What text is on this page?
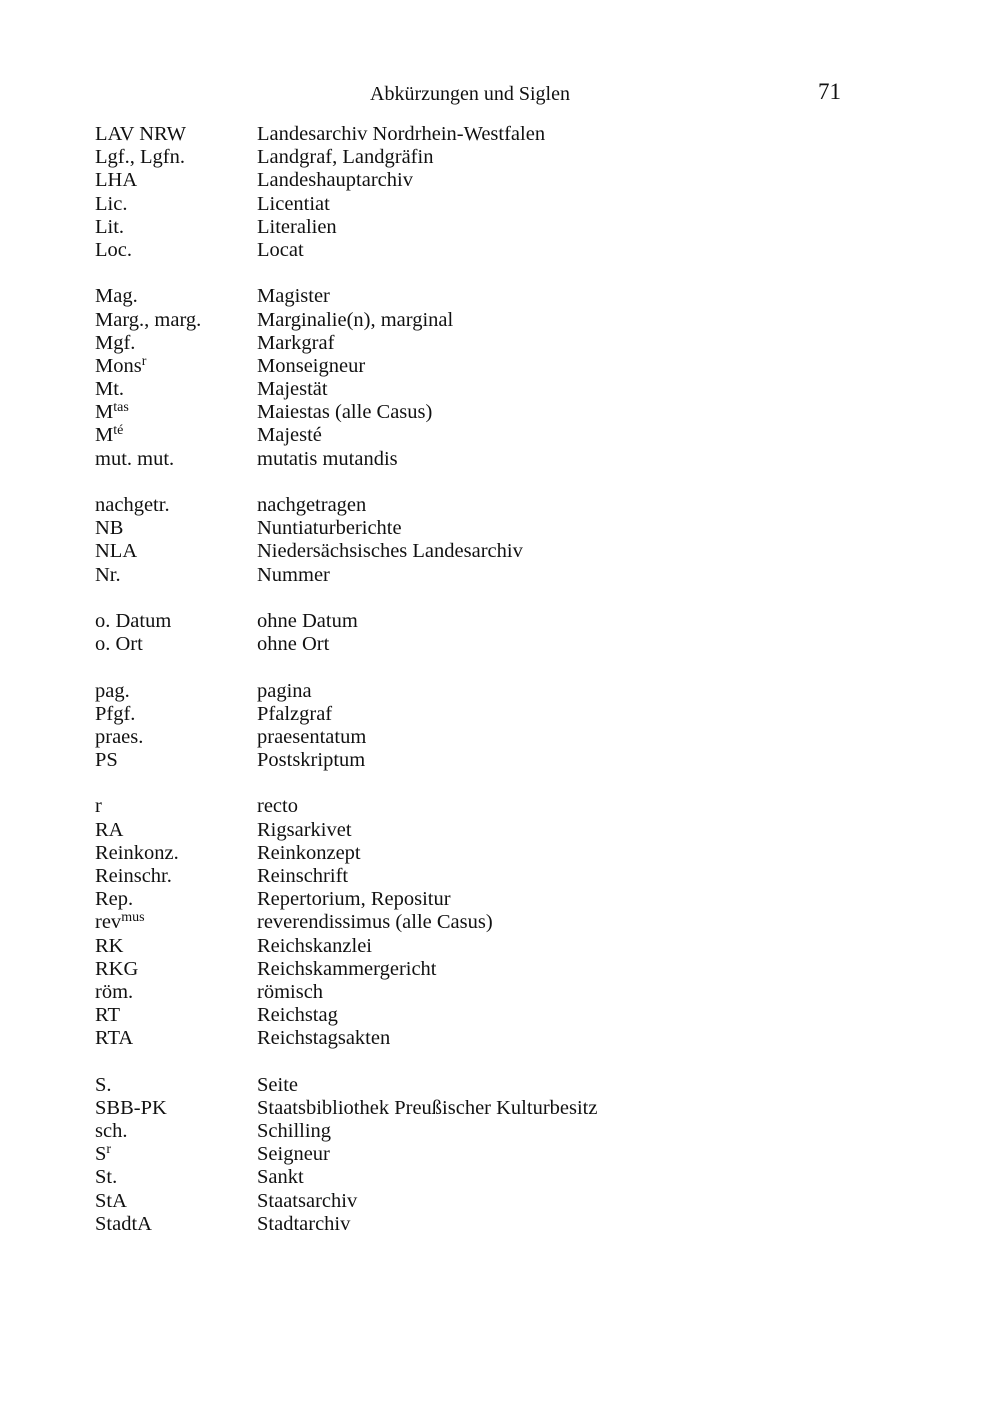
Abkürzungen und Siglen	71
LAV NRW	Landesarchiv Nordrhein-Westfalen
Lgf., Lgfn.	Landgraf, Landgräfin
LHA	Landeshauptarchiv
Lic.	Licentiat
Lit.	Literalien
Loc.	Locat
Mag.	Magister
Marg., marg.	Marginalie(n), marginal
Mgf.	Markgraf
Mons$^r$	Monseigneur
Mt.	Majestät
$M^{tas}$	Maiestas (alle Casus)
$M^{té}$	Majesté
mut. mut.	mutatis mutandis
nachgetr.	nachgetragen
NB	Nuntiaturberichte
NLA	Niedersächsisches Landesarchiv
Nr.	Nummer
o. Datum	ohne Datum
o. Ort	ohne Ort
pag.	pagina
Pfgf.	Pfalzgraf
praes.	praesentatum
PS	Postskriptum
r	recto
RA	Rigsarkivet
Reinkonz.	Reinkonzept
Reinschr.	Reinschrift
Rep.	Repertorium, Repositur
rev$^{mus}$	reverendissimus (alle Casus)
RK	Reichskanzlei
RKG	Reichskammergericht
röm.	römisch
RT	Reichstag
RTA	Reichstagsakten
S.	Seite
SBB-PK	Staatsbibliothek Preußischer Kulturbesitz
sch.	Schilling
$S^r$	Seigneur
St.	Sankt
StA	Staatsarchiv
StadtA	Stadtarchiv
